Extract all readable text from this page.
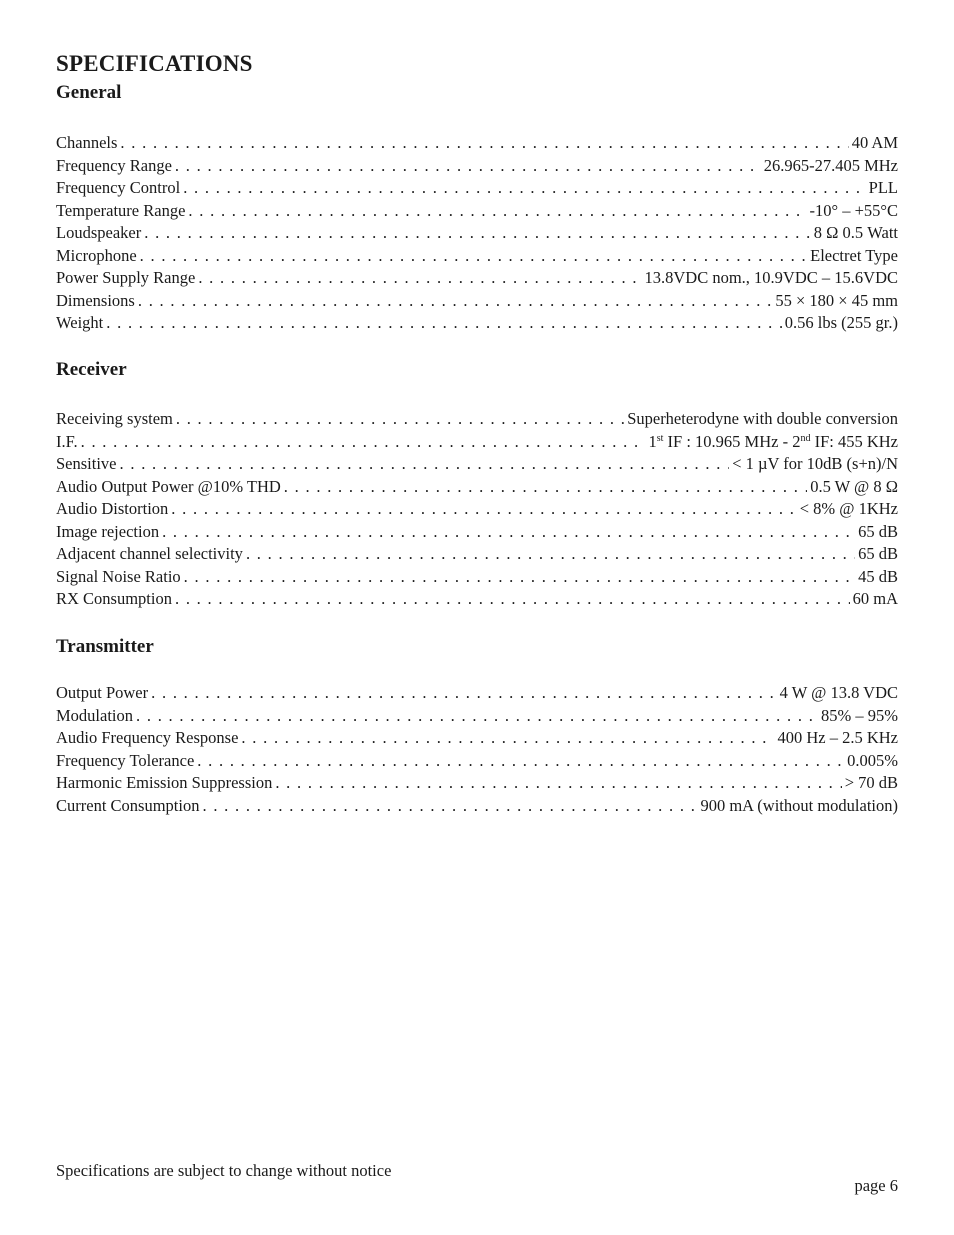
SPECIFICATIONS
General
Channels . . .	40 AM
Frequency Range . . .	26.965-27.405 MHz
Frequency Control . . .	PLL
Temperature Range . . .	-10° – +55°C
Loudspeaker . . .	8 Ω 0.5 Watt
Microphone . . .	Electret Type
Power Supply Range . . .	13.8VDC nom., 10.9VDC – 15.6VDC
Dimensions . . .	55 × 180 × 45 mm
Weight . . .	0.56 lbs (255 gr.)
Receiver
Receiving system . . .	Superheterodyne with double conversion
I.F. . . .	1st IF : 10.965 MHz - 2nd IF: 455 KHz
Sensitive . . .	< 1 µV for 10dB (s+n)/N
Audio Output Power @10% THD . . .	0.5 W @ 8 Ω
Audio Distortion . . .	< 8% @ 1KHz
Image rejection . . .	65 dB
Adjacent channel selectivity . . .	65 dB
Signal Noise Ratio . . .	45 dB
RX Consumption . . .	60 mA
Transmitter
Output Power . . .	4 W @ 13.8 VDC
Modulation . . .	85% – 95%
Audio Frequency Response . . .	400 Hz – 2.5 KHz
Frequency Tolerance . . .	0.005%
Harmonic Emission Suppression . . .	> 70 dB
Current Consumption . . .	900 mA (without modulation)
Specifications are subject to change without notice
page 6
